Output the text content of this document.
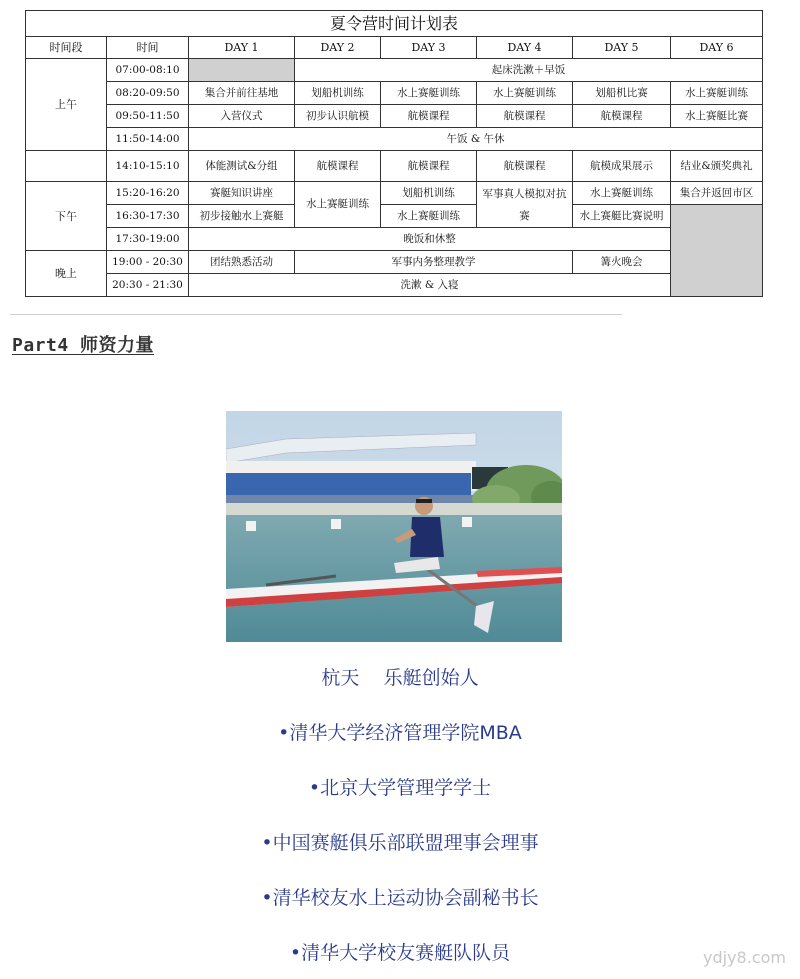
夏令营时间计划表							
时间段	时间	DAY 1	DAY 2	DAY 3	DAY 4	DAY 5	DAY 6
上午	07:00-08:10		起床洗漱＋早饭				
	08:20-09:50	集合并前往基地	划船机训练	水上赛艇训练	水上赛艇训练	划船机比赛	水上赛艇训练
	09:50-11:50	入营仪式	初步认识航模	航模课程	航模课程	航模课程	水上赛艇比赛
	11:50-14:00	午饭 & 午休					
	14:10-15:10	体能测试&分组	航模课程	航模课程	航模课程	航模成果展示	结业&颁奖典礼
下午	15:20-16:20	赛艇知识讲座	水上赛艇训练	划船机训练	军事真人模拟对抗赛	水上赛艇训练	集合并返回市区
	16:30-17:30	初步接触水上赛艇		水上赛艇训练		水上赛艇比赛说明	
	17:30-19:00	晚饭和休整					
晚上	19:00 - 20:30	团结熟悉活动	军事内务整理教学			篝火晚会	
	20:30 - 21:30	洗漱 & 入寝					
Part4 师资力量
杭天    乐艇创始人
•清华大学经济管理学院MBA
•北京大学管理学学士
•中国赛艇俱乐部联盟理事会理事
•清华校友水上运动协会副秘书长
•清华大学校友赛艇队队员	ydjy8.com
